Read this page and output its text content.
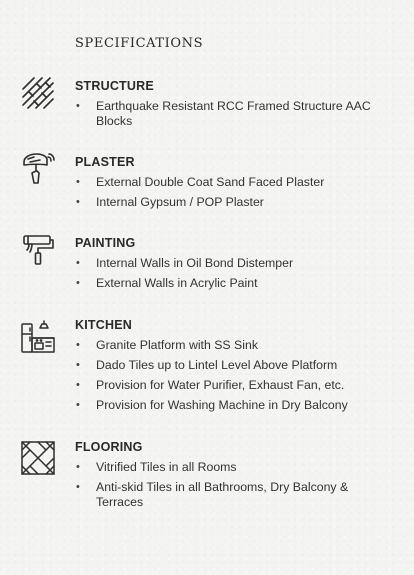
SPECIFICATIONS
STRUCTURE
• Earthquake Resistant RCC Framed Structure AAC Blocks
PLASTER
• External Double Coat Sand Faced Plaster
• Internal Gypsum / POP Plaster
PAINTING
• Internal Walls in Oil Bond Distemper
• External Walls in Acrylic Paint
KITCHEN
• Granite Platform with SS Sink
• Dado Tiles up to Lintel Level Above Platform
• Provision for Water Purifier, Exhaust Fan, etc.
• Provision for Washing Machine in Dry Balcony
FLOORING
• Vitrified Tiles in all Rooms
• Anti-skid Tiles in all Bathrooms, Dry Balcony & Terraces
